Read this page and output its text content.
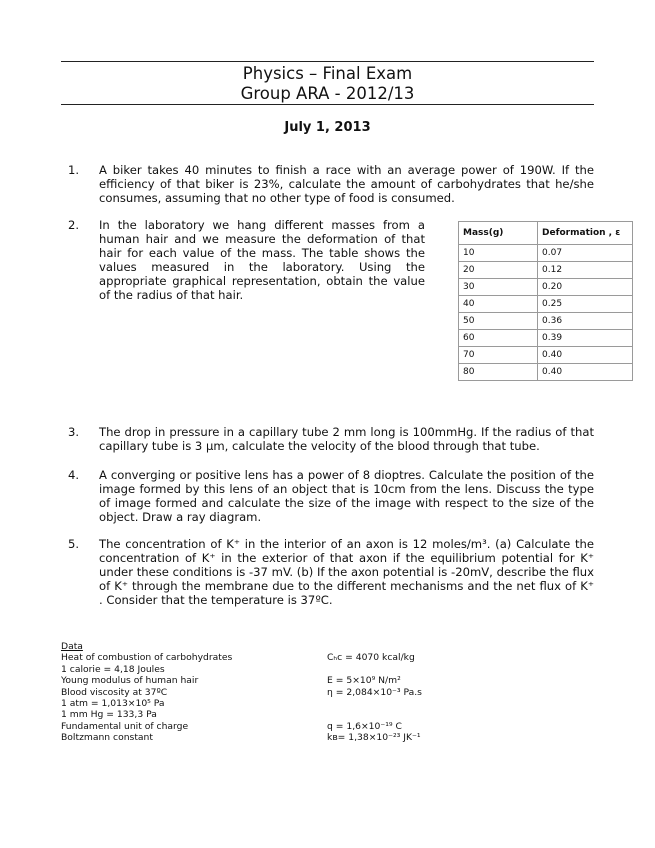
Physics – Final Exam
Group ARA - 2012/13
July 1, 2013
1. A biker takes 40 minutes to finish a race with an average power of 190W. If the efficiency of that biker is 23%, calculate the amount of carbohydrates that he/she consumes, assuming that no other type of food is consumed.
2. In the laboratory we hang different masses from a human hair and we measure the deformation of that hair for each value of the mass. The table shows the values measured in the laboratory. Using the appropriate graphical representation, obtain the value of the radius of that hair.
Mass(g)	Deformation , ε
10	0.07
20	0.12
30	0.20
40	0.25
50	0.36
60	0.39
70	0.40
80	0.40
3. The drop in pressure in a capillary tube 2 mm long is 100mmHg. If the radius of that capillary tube is 3 μm, calculate the velocity of the blood through that tube.
4. A converging or positive lens has a power of 8 dioptres. Calculate the position of the image formed by this lens of an object that is 10cm from the lens. Discuss the type of image formed and calculate the size of the image with respect to the size of the object. Draw a ray diagram.
5. The concentration of K⁺ in the interior of an axon is 12 moles/m³. (a) Calculate the concentration of K⁺ in the exterior of that axon if the equilibrium potential for K⁺ under these conditions is -37 mV. (b) If the axon potential is -20mV, describe the flux of K⁺ through the membrane due to the different mechanisms and the net flux of K⁺ . Consider that the temperature is 37ºC.
Data
Heat of combustion of carbohydrates	Cₕc = 4070 kcal/kg
1 calorie = 4,18 Joules
Young modulus of human hair	E = 5×10⁹ N/m²
Blood viscosity at 37ºC	η = 2,084×10⁻³ Pa.s
1 atm = 1,013×10⁵ Pa
1 mm Hg = 133,3 Pa
Fundamental unit of charge	q = 1,6×10⁻¹⁹ C
Boltzmann constant	kʙ= 1,38×10⁻²³ JK⁻¹
